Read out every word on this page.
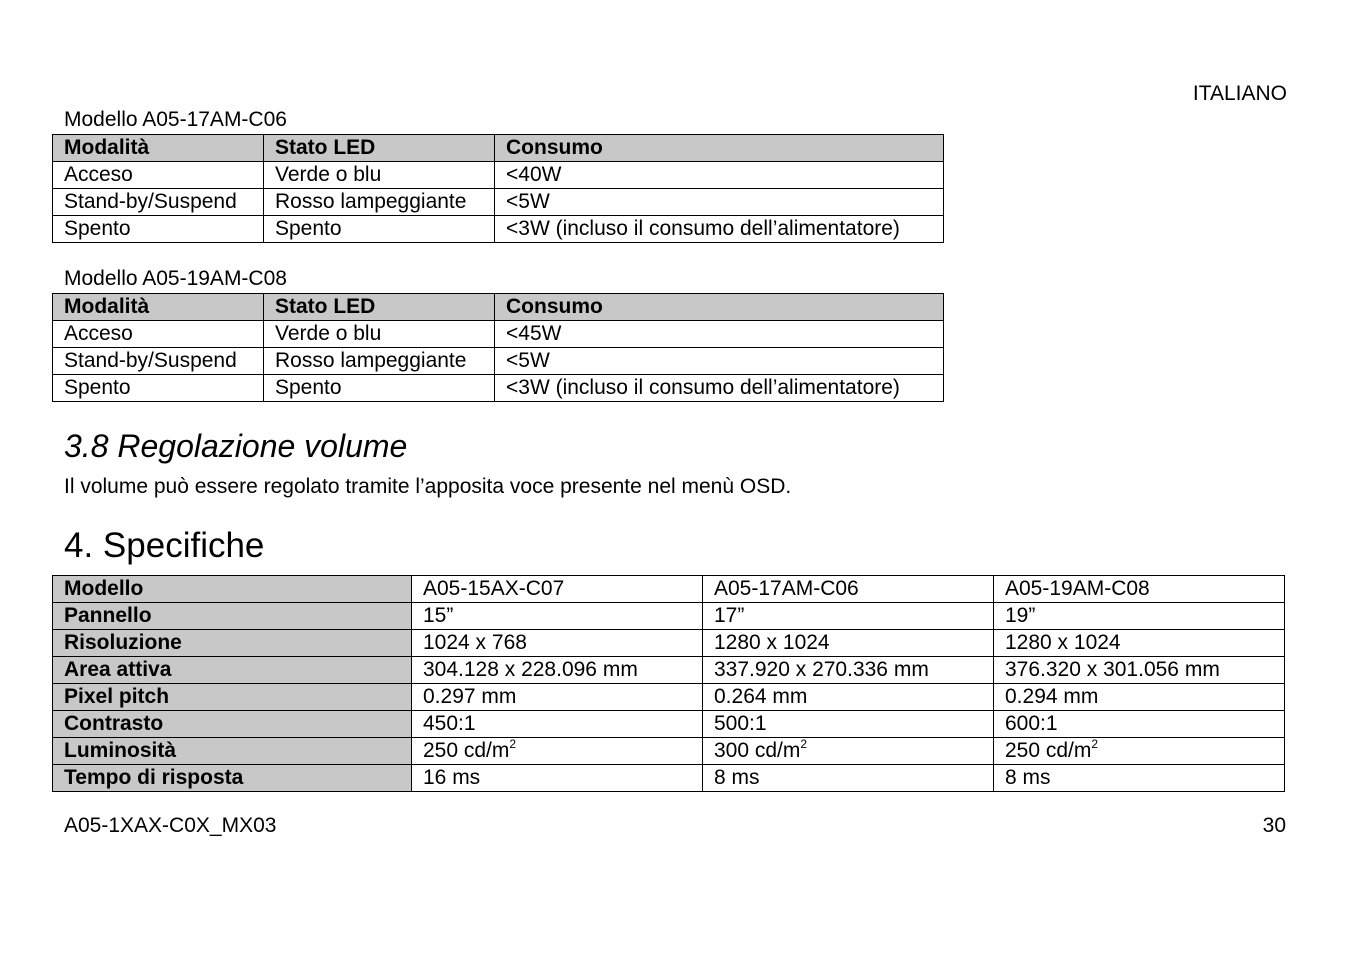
ITALIANO
Modello A05-17AM-C06
Modalità	Stato LED	Consumo
Acceso	Verde o blu	<40W
Stand-by/Suspend	Rosso lampeggiante	<5W
Spento	Spento	<3W (incluso il consumo dell’alimentatore)
Modello A05-19AM-C08
Modalità	Stato LED	Consumo
Acceso	Verde o blu	<45W
Stand-by/Suspend	Rosso lampeggiante	<5W
Spento	Spento	<3W (incluso il consumo dell’alimentatore)
3.8 Regolazione volume

Il volume può essere regolato tramite l’apposita voce presente nel menù OSD.

4. Specifiche
Modello	A05-15AX-C07	A05-17AM-C06	A05-19AM-C08
Pannello	15”	17”	19”
Risoluzione	1024 x 768	1280 x 1024	1280 x 1024
Area attiva	304.128 x 228.096 mm	337.920 x 270.336 mm	376.320 x 301.056 mm
Pixel pitch	0.297 mm	0.264 mm	0.294 mm
Contrasto	450:1	500:1	600:1
Luminosità	250 $cd/m^2$	300 $cd/m^2$	250 $cd/m^2$
Tempo di risposta	16 ms	8 ms	8 ms
A05-1XAX-C0X_MX03	30
